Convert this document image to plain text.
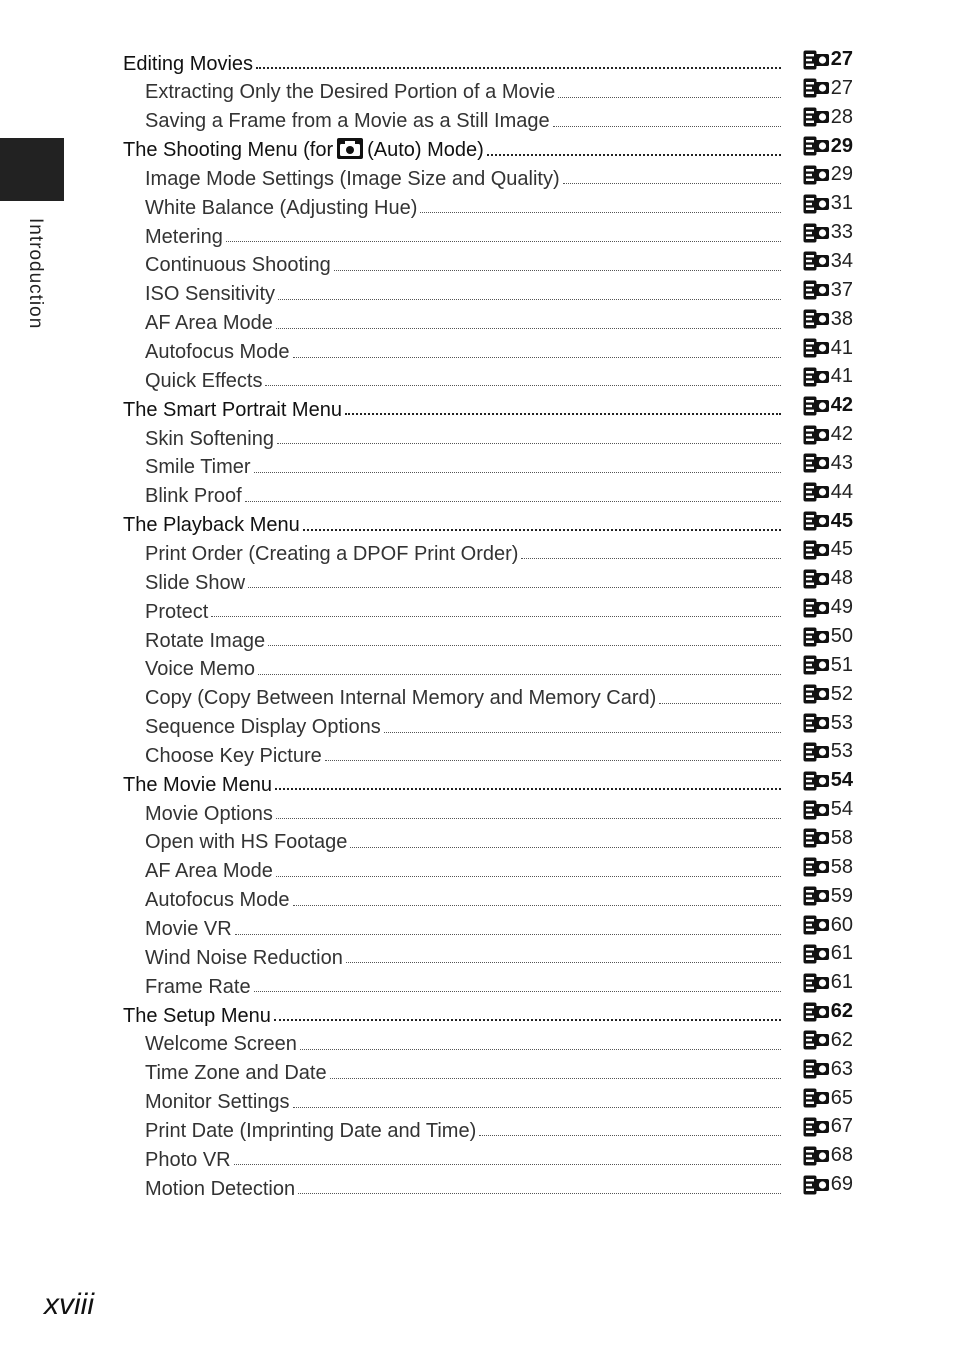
Introduction
Editing Movies	27
Extracting Only the Desired Portion of a Movie	27
Saving a Frame from a Movie as a Still Image	28
The Shooting Menu (for (Auto) Mode)	29
Image Mode Settings (Image Size and Quality)	29
White Balance (Adjusting Hue)	31
Metering	33
Continuous Shooting	34
ISO Sensitivity	37
AF Area Mode	38
Autofocus Mode	41
Quick Effects	41
The Smart Portrait Menu	42
Skin Softening	42
Smile Timer	43
Blink Proof	44
The Playback Menu	45
Print Order (Creating a DPOF Print Order)	45
Slide Show	48
Protect	49
Rotate Image	50
Voice Memo	51
Copy (Copy Between Internal Memory and Memory Card)	52
Sequence Display Options	53
Choose Key Picture	53
The Movie Menu	54
Movie Options	54
Open with HS Footage	58
AF Area Mode	58
Autofocus Mode	59
Movie VR	60
Wind Noise Reduction	61
Frame Rate	61
The Setup Menu	62
Welcome Screen	62
Time Zone and Date	63
Monitor Settings	65
Print Date (Imprinting Date and Time)	67
Photo VR	68
Motion Detection	69
xviii
